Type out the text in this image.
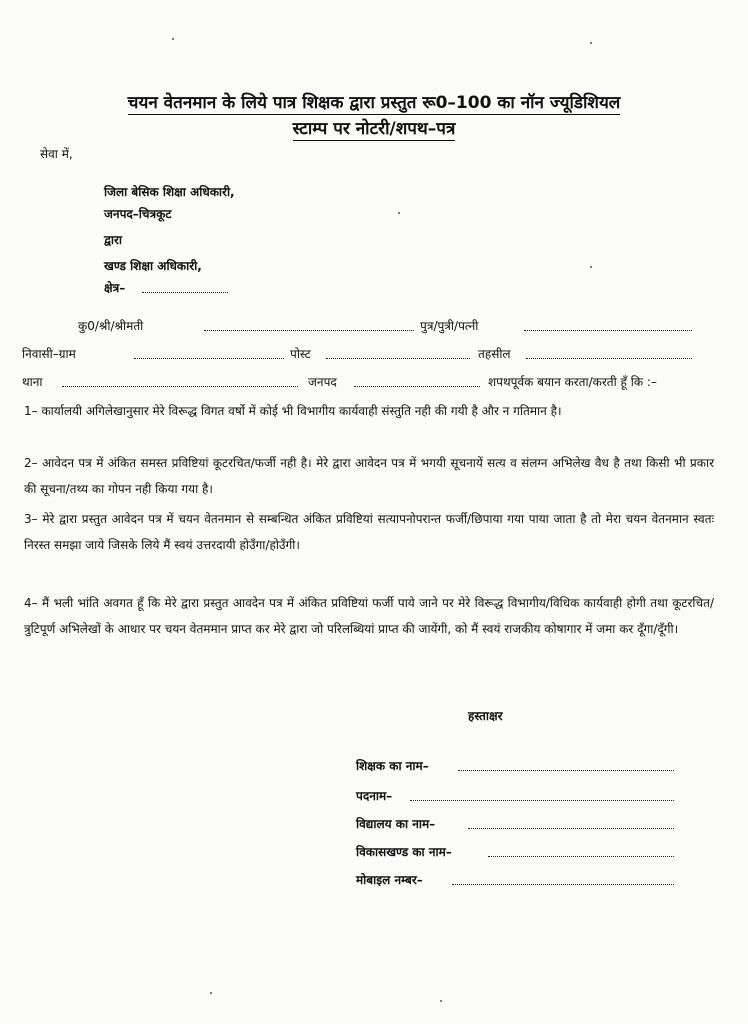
चयन वेतनमान के लिये पात्र शिक्षक द्वारा प्रस्तुत रू0–100 का नॉन ज्यूडिशियल
स्टाम्प पर नोटरी/शपथ–पत्र
सेवा में,
जिला बेसिक शिक्षा अधिकारी,
जनपद–चित्रकूट
द्वारा
खण्ड शिक्षा अधिकारी,
क्षेत्र–
कु0/श्री/श्रीमती	पुत्र/पुत्री/पत्नी
निवासी–ग्राम	पोस्ट	तहसील
थाना	जनपद	शपथपूर्वक बयान करता/करती हूँ कि :–
1– कार्यालयी अगिलेखानुसार मेरे विरूद्ध विगत वर्षो में कोई भी विभागीय कार्यवाही संस्तुति नही की गयी है और न गतिमान है।
2– आवेदन पत्र में अंकित समस्त प्रविष्टियां कूटरचित/फर्जी नही है। मेरे द्वारा आवेदन पत्र में भगयी सूचनायें सत्य व संलग्न अभिलेख वैध है तथा किसी भी प्रकार की सूचना/तथ्य का गोपन नही किया गया है।
3– मेरे द्वारा प्रस्तुत आवेदन पत्र में चयन वेतनमान से सम्बन्धित अंकित प्रविष्टियां सत्यापनोपरान्त फर्जी/छिपाया गया पाया जाता है तो मेरा चयन वेतनमान स्वतः निरस्त समझा जाये जिसके लिये मैं स्वयं उत्तरदायी होउँगा/होउँगी।
4– मैं भली भांति अवगत हूँ कि मेरे द्वारा प्रस्तुत आवदेन पत्र में अंकित प्रविष्टियां फर्जी पाये जाने पर मेरे विरूद्ध विभागीय/विधिक कार्यवाही होगी तथा कूटरचित/त्रुटिपूर्ण अभिलेखों के आधार पर चयन वेतममान प्राप्त कर मेरे द्वारा जो परिलब्धियां प्राप्त की जायेंगी, को मैं स्वयं राजकीय कोषागार में जमा कर दूँगा/दूँगी।
हस्ताक्षर
शिक्षक का नाम–
पदनाम–
विद्यालय का नाम–
विकासखण्ड का नाम–
मोबाइल नम्बर–
